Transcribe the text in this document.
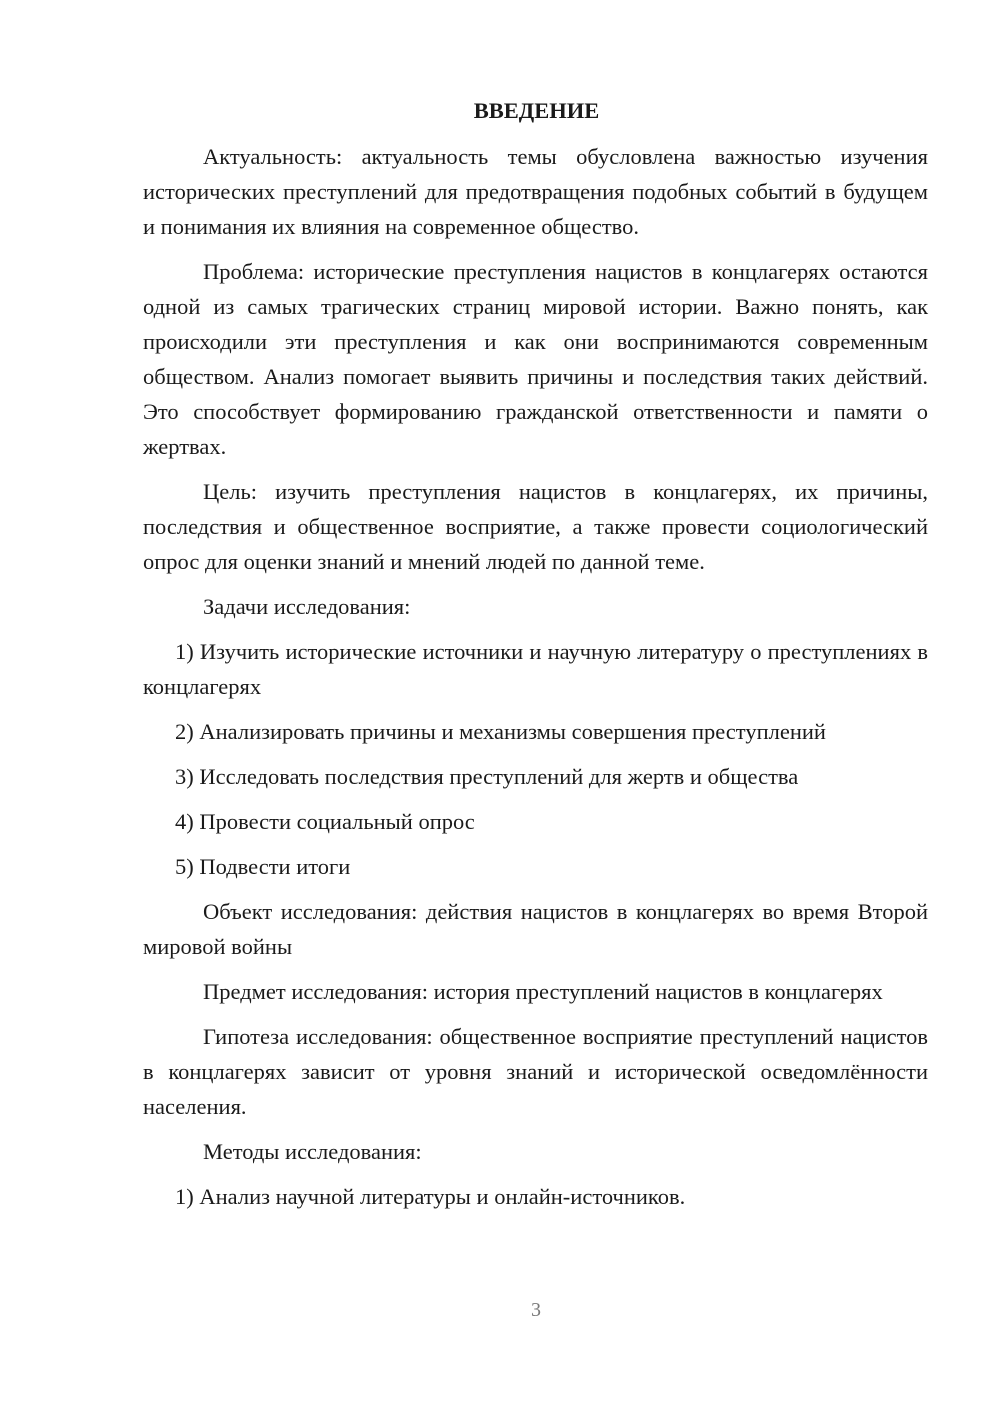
ВВЕДЕНИЕ

Актуальность: актуальность темы обусловлена важностью изучения исторических преступлений для предотвращения подобных событий в будущем и понимания их влияния на современное общество.

Проблема: исторические преступления нацистов в концлагерях остаются одной из самых трагических страниц мировой истории. Важно понять, как происходили эти преступления и как они воспринимаются современным обществом. Анализ помогает выявить причины и последствия таких действий. Это способствует формированию гражданской ответственности и памяти о жертвах.

Цель: изучить преступления нацистов в концлагерях, их причины, последствия и общественное восприятие, а также провести социологический опрос для оценки знаний и мнений людей по данной теме.

Задачи исследования:

1) Изучить исторические источники и научную литературу о преступлениях в концлагерях

2) Анализировать причины и механизмы совершения преступлений

3) Исследовать последствия преступлений для жертв и общества

4) Провести социальный опрос

5) Подвести итоги

Объект исследования: действия нацистов в концлагерях во время Второй мировой войны

Предмет исследования: история преступлений нацистов в концлагерях

Гипотеза исследования: общественное восприятие преступлений нацистов в концлагерях зависит от уровня знаний и исторической осведомлённости населения.

Методы исследования:

1) Анализ научной литературы и онлайн-источников.

3
